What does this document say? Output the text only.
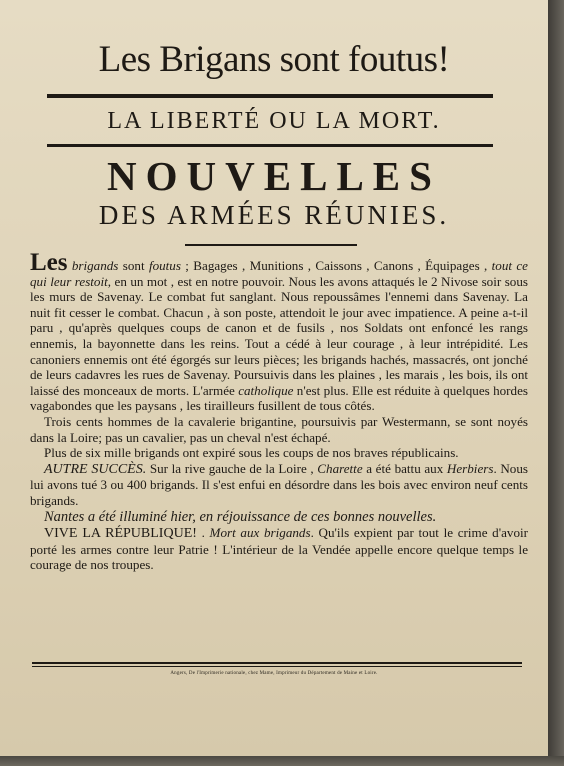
Les Brigans sont foutus!
LA LIBERTÉ OU LA MORT.
NOUVELLES
DES ARMÉES RÉUNIES.

Les brigands sont foutus ; Bagages , Munitions , Caissons , Canons , Équipages , tout ce qui leur restoit, en un mot , est en notre pouvoir. Nous les avons attaqués le 2 Nivose soir sous les murs de Savenay. Le combat fut sanglant. Nous repoussâmes l'ennemi dans Savenay. La nuit fit cesser le combat. Chacun , à son poste, attendoit le jour avec impatience. A peine a-t-il paru , qu'après quelques coups de canon et de fusils , nos Soldats ont enfoncé les rangs ennemis, la bayonnette dans les reins. Tout a cédé à leur courage , à leur intrépidité. Les canoniers ennemis ont été égorgés sur leurs pièces; les brigands hachés, massacrés, ont jonché de leurs cadavres les rues de Savenay. Poursuivis dans les plaines , les marais , les bois, ils ont laissé des monceaux de morts. L'armée catholique n'est plus. Elle est réduite à quelques hordes vagabondes que les paysans , les tirailleurs fusillent de tous côtés.

Trois cents hommes de la cavalerie brigantine, poursuivis par Westermann, se sont noyés dans la Loire; pas un cavalier, pas un cheval n'est échapé.

Plus de six mille brigands ont expiré sous les coups de nos braves républicains.

AUTRE SUCCÈS. Sur la rive gauche de la Loire , Charette a été battu aux Herbiers. Nous lui avons tué 3 ou 400 brigands. Il s'est enfui en désordre dans les bois avec environ neuf cents brigands.

Nantes a été illuminé hier, en réjouissance de ces bonnes nouvelles.

VIVE LA RÉPUBLIQUE! . Mort aux brigands. Qu'ils expient par tout le crime d'avoir porté les armes contre leur Patrie ! L'intérieur de la Vendée appelle encore quelque temps le courage de nos troupes.

Angers, De l'Imprimerie nationale, chez Mame, Imprimeur du Département de Maine et Loire.
